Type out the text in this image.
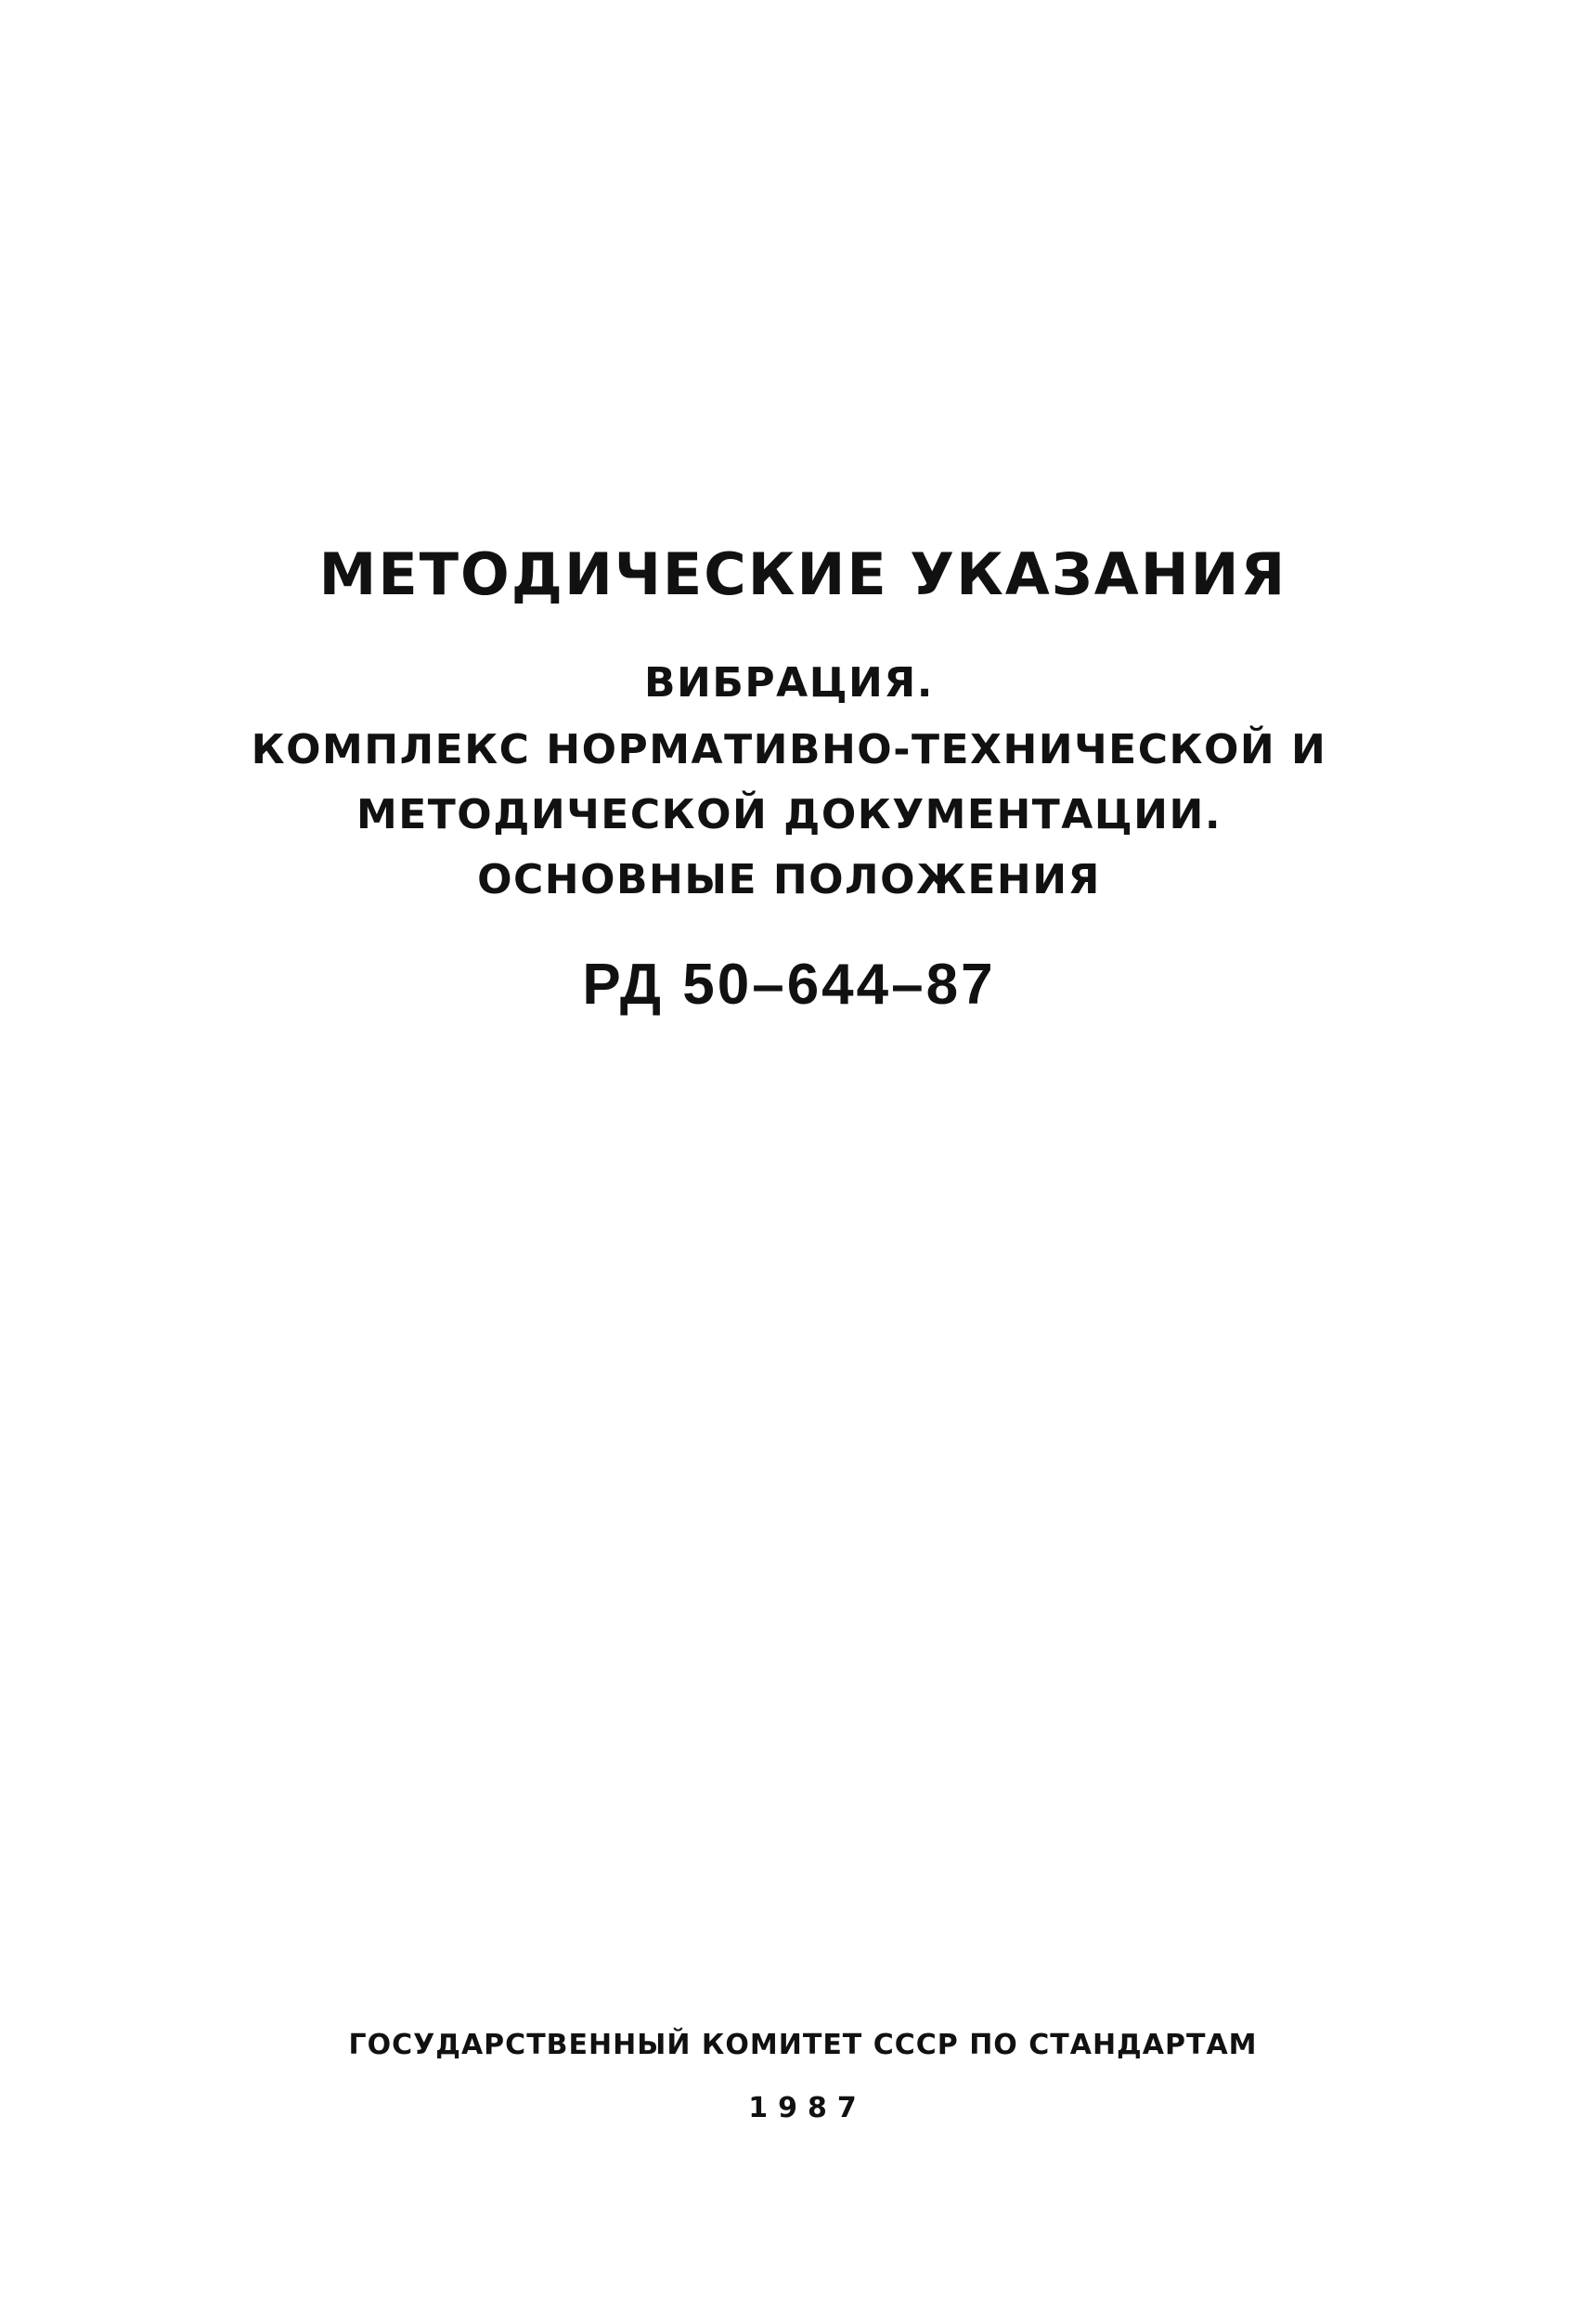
МЕТОДИЧЕСКИЕ УКАЗАНИЯ
ВИБРАЦИЯ.
КОМПЛЕКС НОРМАТИВНО-ТЕХНИЧЕСКОЙ И
МЕТОДИЧЕСКОЙ ДОКУМЕНТАЦИИ.
ОСНОВНЫЕ ПОЛОЖЕНИЯ
РД 50–644–87
ГОСУДАРСТВЕННЫЙ КОМИТЕТ СССР ПО СТАНДАРТАМ
1987
